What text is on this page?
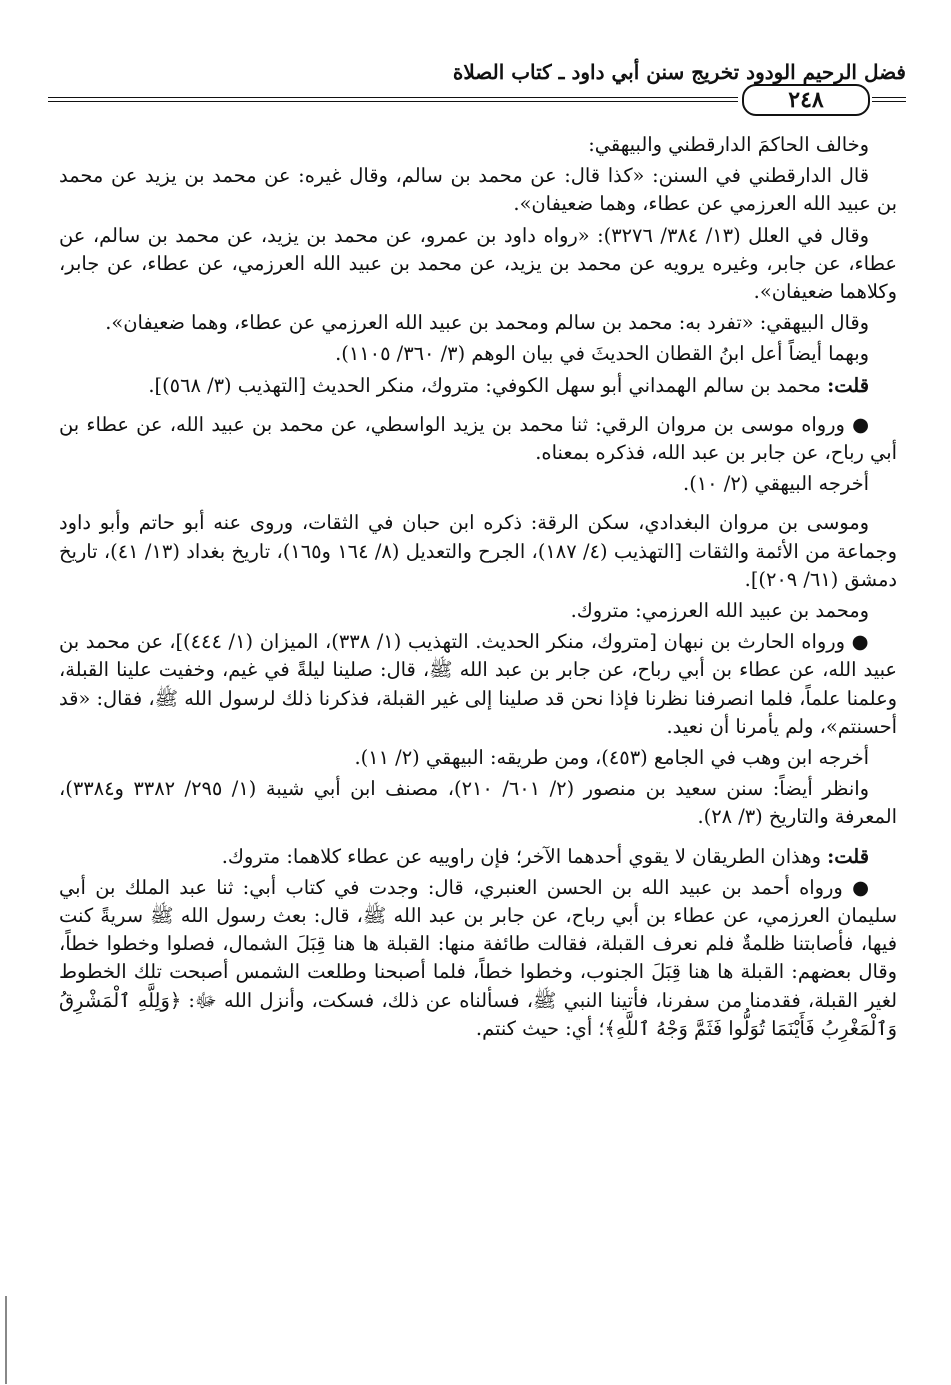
فضل الرحيم الودود تخريج سنن أبي داود ـ كتاب الصلاة
٢٤٨

وخالف الحاكمَ الدارقطني والبيهقي:

قال الدارقطني في السنن: «كذا قال: عن محمد بن سالم، وقال غيره: عن محمد بن يزيد عن محمد بن عبيد الله العرزمي عن عطاء، وهما ضعيفان».

وقال في العلل (١٣/ ٣٨٤/ ٣٢٧٦): «رواه داود بن عمرو، عن محمد بن يزيد، عن محمد بن سالم، عن عطاء، عن جابر، وغيره يرويه عن محمد بن يزيد، عن محمد بن عبيد الله العرزمي، عن عطاء، عن جابر، وكلاهما ضعيفان».

وقال البيهقي: «تفرد به: محمد بن سالم ومحمد بن عبيد الله العرزمي عن عطاء، وهما ضعيفان».

وبهما أيضاً أعل ابنُ القطان الحديثَ في بيان الوهم (٣/ ٣٦٠/ ١١٠٥).

قلت: محمد بن سالم الهمداني أبو سهل الكوفي: متروك، منكر الحديث [التهذيب (٣/ ٥٦٨)].

● ورواه موسى بن مروان الرقي: ثنا محمد بن يزيد الواسطي، عن محمد بن عبيد الله، عن عطاء بن أبي رباح، عن جابر بن عبد الله، فذكره بمعناه.

أخرجه البيهقي (٢/ ١٠).

وموسى بن مروان البغدادي، سكن الرقة: ذكره ابن حبان في الثقات، وروى عنه أبو حاتم وأبو داود وجماعة من الأئمة والثقات [التهذيب (٤/ ١٨٧)، الجرح والتعديل (٨/ ١٦٤ و١٦٥)، تاريخ بغداد (١٣/ ٤١)، تاريخ دمشق (٦١/ ٢٠٩)].

ومحمد بن عبيد الله العرزمي: متروك.

● ورواه الحارث بن نبهان [متروك، منكر الحديث. التهذيب (١/ ٣٣٨)، الميزان (١/ ٤٤٤)]، عن محمد بن عبيد الله، عن عطاء بن أبي رباح، عن جابر بن عبد الله ﷺ، قال: صلينا ليلةً في غيم، وخفيت علينا القبلة، وعلمنا علماً، فلما انصرفنا نظرنا فإذا نحن قد صلينا إلى غير القبلة، فذكرنا ذلك لرسول الله ﷺ، فقال: «قد أحسنتم»، ولم يأمرنا أن نعيد.

أخرجه ابن وهب في الجامع (٤٥٣)، ومن طريقه: البيهقي (٢/ ١١).

وانظر أيضاً: سنن سعيد بن منصور (٢/ ٦٠١/ ٢١٠)، مصنف ابن أبي شيبة (١/ ٢٩٥/ ٣٣٨٢ و٣٣٨٤)، المعرفة والتاريخ (٣/ ٢٨).

قلت: وهذان الطريقان لا يقوي أحدهما الآخر؛ فإن راوييه عن عطاء كلاهما: متروك.

● ورواه أحمد بن عبيد الله بن الحسن العنبري، قال: وجدت في كتاب أبي: ثنا عبد الملك بن أبي سليمان العرزمي، عن عطاء بن أبي رباح، عن جابر بن عبد الله ﷺ، قال: بعث رسول الله ﷺ سريةً كنت فيها، فأصابتنا ظلمةٌ فلم نعرف القبلة، فقالت طائفة منها: القبلة ها هنا قِبَلَ الشمال، فصلوا وخطوا خطاً، وقال بعضهم: القبلة ها هنا قِبَلَ الجنوب، وخطوا خطاً، فلما أصبحنا وطلعت الشمس أصبحت تلك الخطوط لغير القبلة، فقدمنا من سفرنا، فأتينا النبي ﷺ، فسألناه عن ذلك، فسكت، وأنزل الله ﷻ: ﴿وَلِلَّهِ ٱلْمَشْرِقُ وَٱلْمَغْرِبُ فَأَيْنَمَا تُوَلُّوا فَثَمَّ وَجْهُ ٱللَّهِ﴾؛ أي: حيث كنتم.
